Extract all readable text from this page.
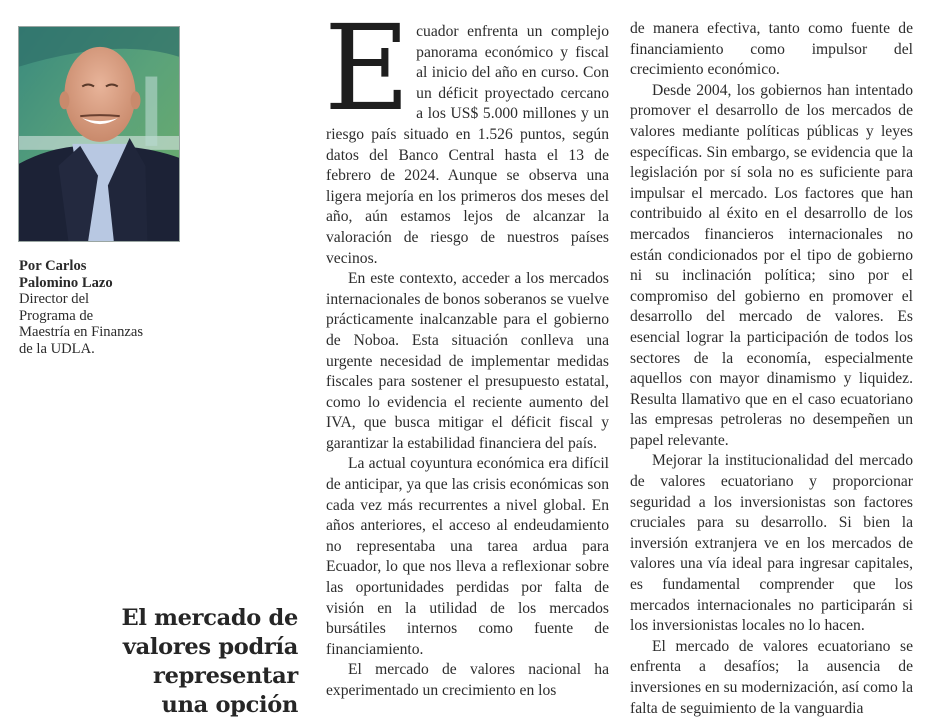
Por Carlos
Palomino Lazo
Director del
Programa de
Maestría en Finanzas
de la UDLA.
El mercado de
valores podría
representar
una opción

Ecuador enfrenta un complejo panorama económico y fiscal al inicio del año en curso. Con un déficit proyectado cercano a los US$ 5.000 millones y un riesgo país situado en 1.526 puntos, según datos del Banco Central hasta el 13 de febrero de 2024. Aunque se observa una ligera mejoría en los primeros dos meses del año, aún estamos lejos de alcanzar la valoración de riesgo de nuestros países vecinos.

En este contexto, acceder a los mercados internacionales de bonos soberanos se vuelve prácticamente inalcanzable para el gobierno de Noboa. Esta situación conlleva una urgente necesidad de implementar medidas fiscales para sostener el presupuesto estatal, como lo evidencia el reciente aumento del IVA, que busca mitigar el déficit fiscal y garantizar la estabilidad financiera del país.

La actual coyuntura económica era difícil de anticipar, ya que las crisis económicas son cada vez más recurrentes a nivel global. En años anteriores, el acceso al endeudamiento no representaba una tarea ardua para Ecuador, lo que nos lleva a reflexionar sobre las oportunidades perdidas por falta de visión en la utilidad de los mercados bursátiles internos como fuente de financiamiento.

El mercado de valores nacional ha experimentado un crecimiento en los

de manera efectiva, tanto como fuente de financiamiento como impulsor del crecimiento económico.

Desde 2004, los gobiernos han intentado promover el desarrollo de los mercados de valores mediante políticas públicas y leyes específicas. Sin embargo, se evidencia que la legislación por sí sola no es suficiente para impulsar el mercado. Los factores que han contribuido al éxito en el desarrollo de los mercados financieros internacionales no están condicionados por el tipo de gobierno ni su inclinación política; sino por el compromiso del gobierno en promover el desarrollo del mercado de valores. Es esencial lograr la participación de todos los sectores de la economía, especialmente aquellos con mayor dinamismo y liquidez. Resulta llamativo que en el caso ecuatoriano las empresas petroleras no desempeñen un papel relevante.

Mejorar la institucionalidad del mercado de valores ecuatoriano y proporcionar seguridad a los inversionistas son factores cruciales para su desarrollo. Si bien la inversión extranjera ve en los mercados de valores una vía ideal para ingresar capitales, es fundamental comprender que los mercados internacionales no participarán si los inversionistas locales no lo hacen.

El mercado de valores ecuatoriano se enfrenta a desafíos; la ausencia de inversiones en su modernización, así como la falta de seguimiento de la vanguardia
